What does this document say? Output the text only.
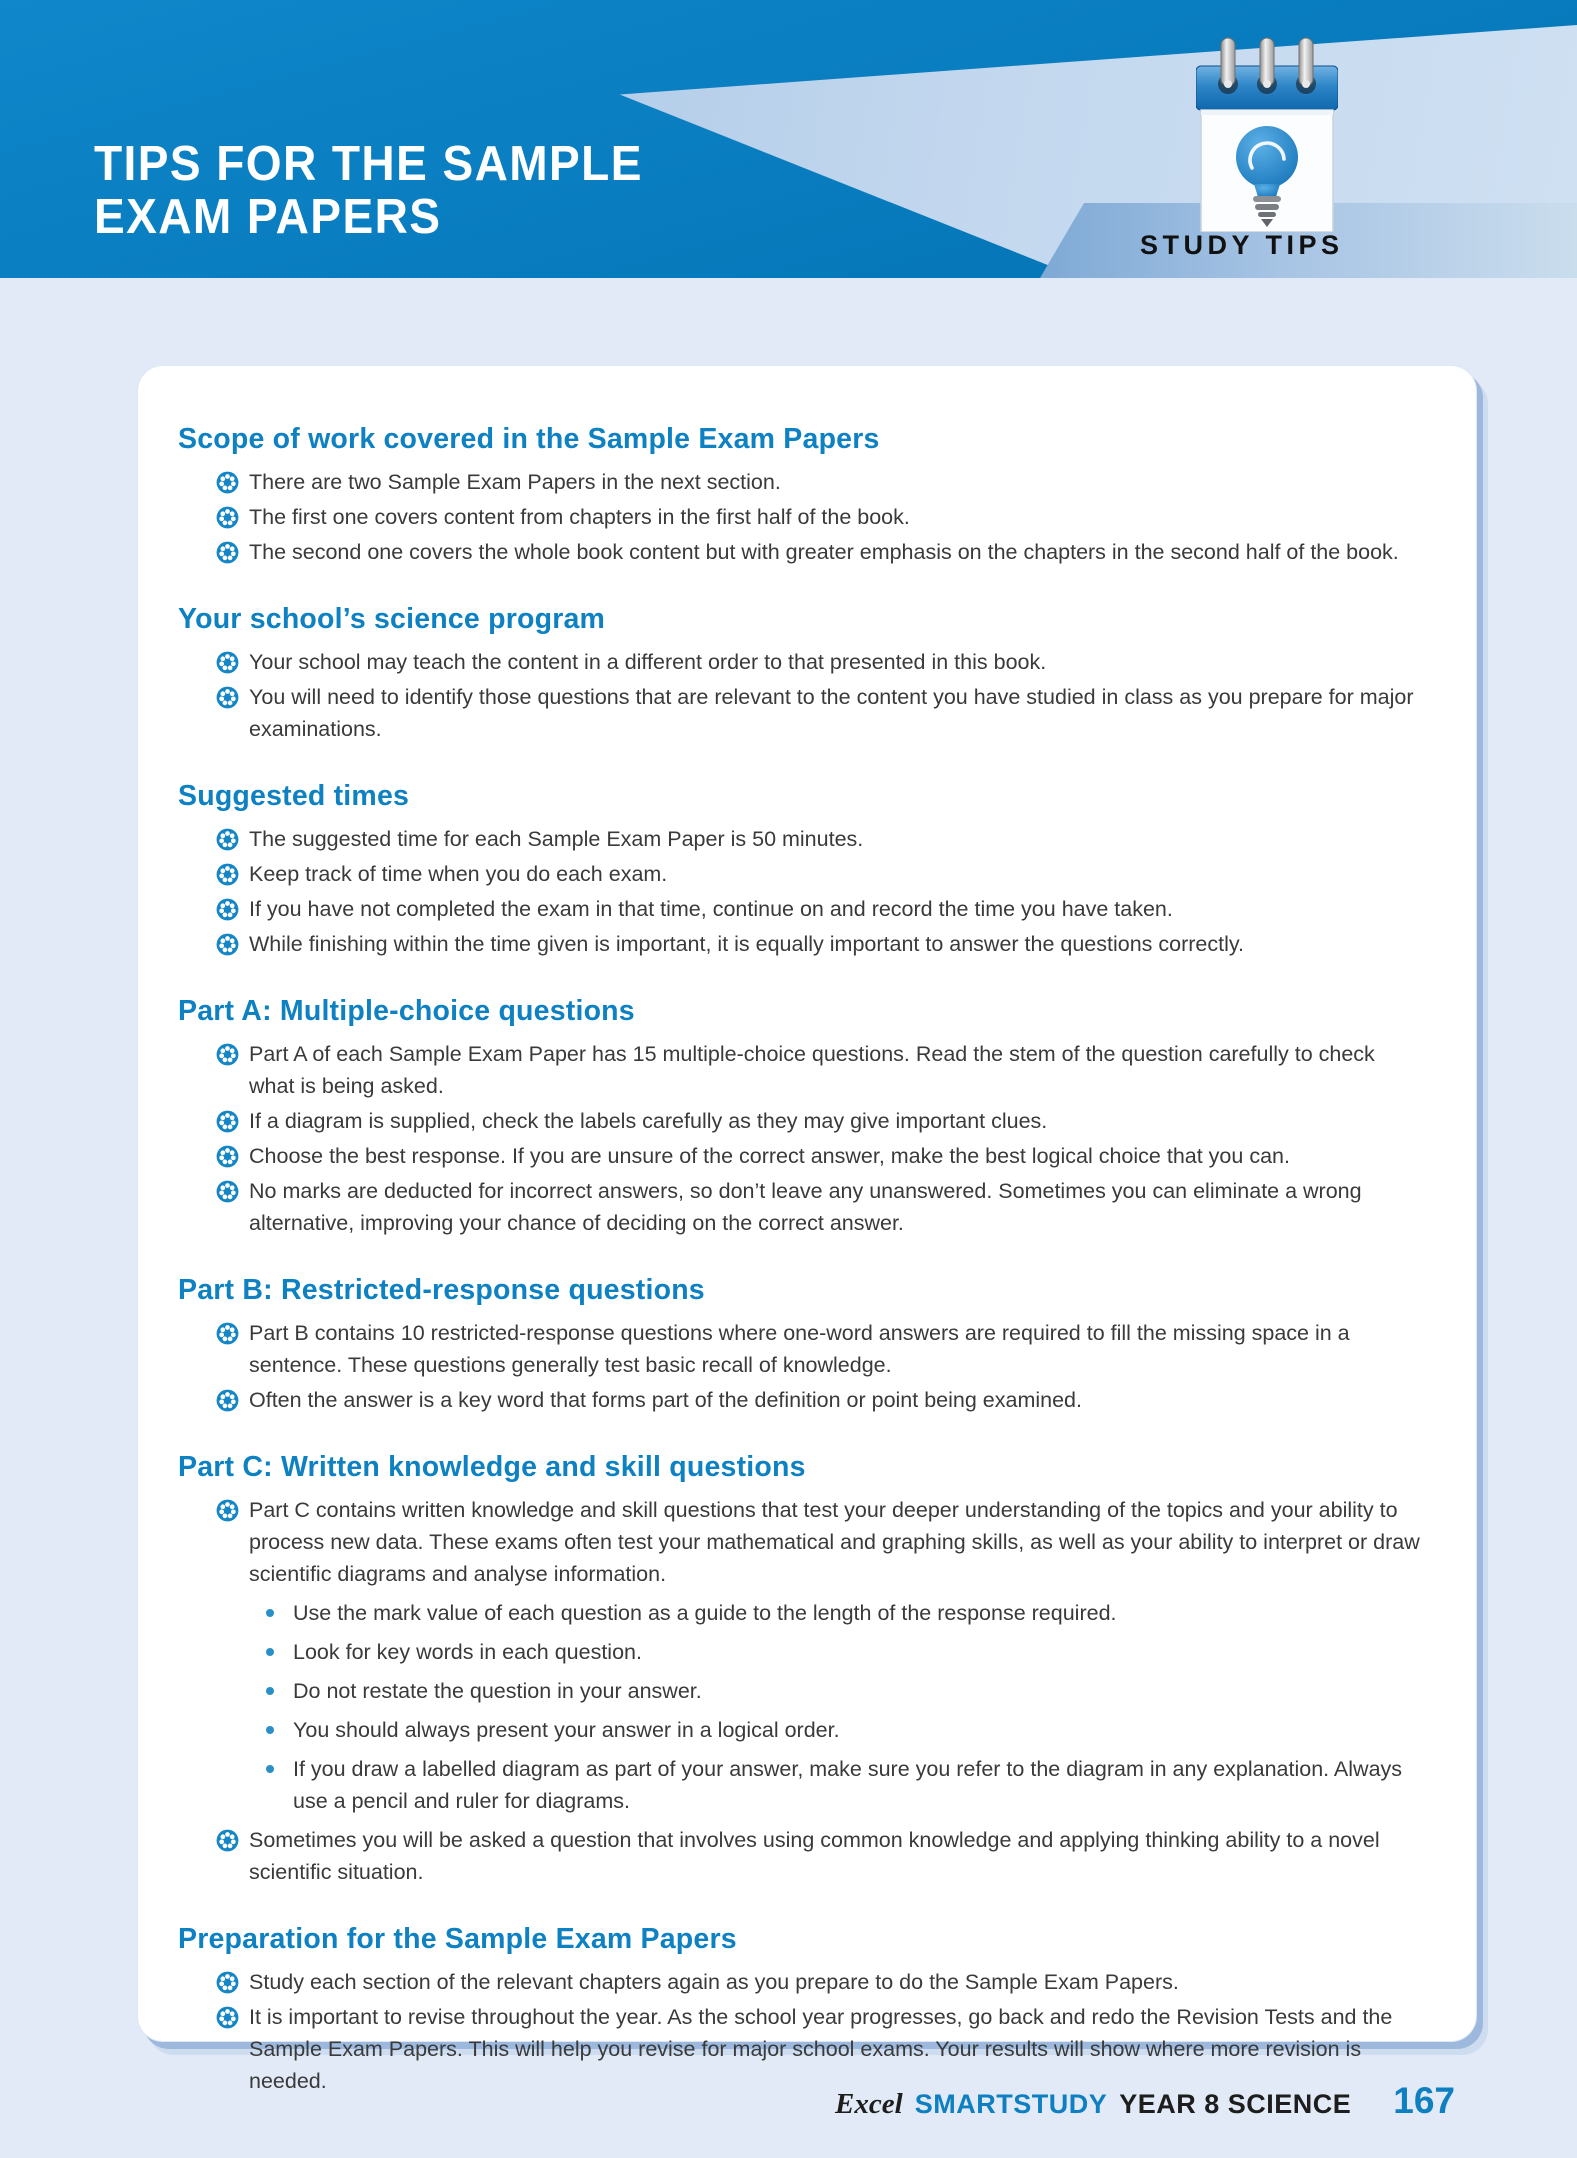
TIPS FOR THE SAMPLE
EXAM PAPERS
STUDY TIPS
Scope of work covered in the Sample Exam Papers
There are two Sample Exam Papers in the next section.
The first one covers content from chapters in the first half of the book.
The second one covers the whole book content but with greater emphasis on the chapters in the second half of the book.
Your school’s science program
Your school may teach the content in a different order to that presented in this book.
You will need to identify those questions that are relevant to the content you have studied in class as you prepare for major examinations.
Suggested times
The suggested time for each Sample Exam Paper is 50 minutes.
Keep track of time when you do each exam.
If you have not completed the exam in that time, continue on and record the time you have taken.
While finishing within the time given is important, it is equally important to answer the questions correctly.
Part A: Multiple-choice questions
Part A of each Sample Exam Paper has 15 multiple-choice questions. Read the stem of the question carefully to check what is being asked.
If a diagram is supplied, check the labels carefully as they may give important clues.
Choose the best response. If you are unsure of the correct answer, make the best logical choice that you can.
No marks are deducted for incorrect answers, so don’t leave any unanswered. Sometimes you can eliminate a wrong alternative, improving your chance of deciding on the correct answer.
Part B: Restricted-response questions
Part B contains 10 restricted-response questions where one-word answers are required to fill the missing space in a sentence. These questions generally test basic recall of knowledge.
Often the answer is a key word that forms part of the definition or point being examined.
Part C: Written knowledge and skill questions
Part C contains written knowledge and skill questions that test your deeper understanding of the topics and your ability to process new data. These exams often test your mathematical and graphing skills, as well as your ability to interpret or draw scientific diagrams and analyse information.
Use the mark value of each question as a guide to the length of the response required.
Look for key words in each question.
Do not restate the question in your answer.
You should always present your answer in a logical order.
If you draw a labelled diagram as part of your answer, make sure you refer to the diagram in any explanation. Always use a pencil and ruler for diagrams.
Sometimes you will be asked a question that involves using common knowledge and applying thinking ability to a novel scientific situation.
Preparation for the Sample Exam Papers
Study each section of the relevant chapters again as you prepare to do the Sample Exam Papers.
It is important to revise throughout the year. As the school year progresses, go back and redo the Revision Tests and the Sample Exam Papers. This will help you revise for major school exams. Your results will show where more revision is needed.
Excel SMARTSTUDY YEAR 8 SCIENCE 167
